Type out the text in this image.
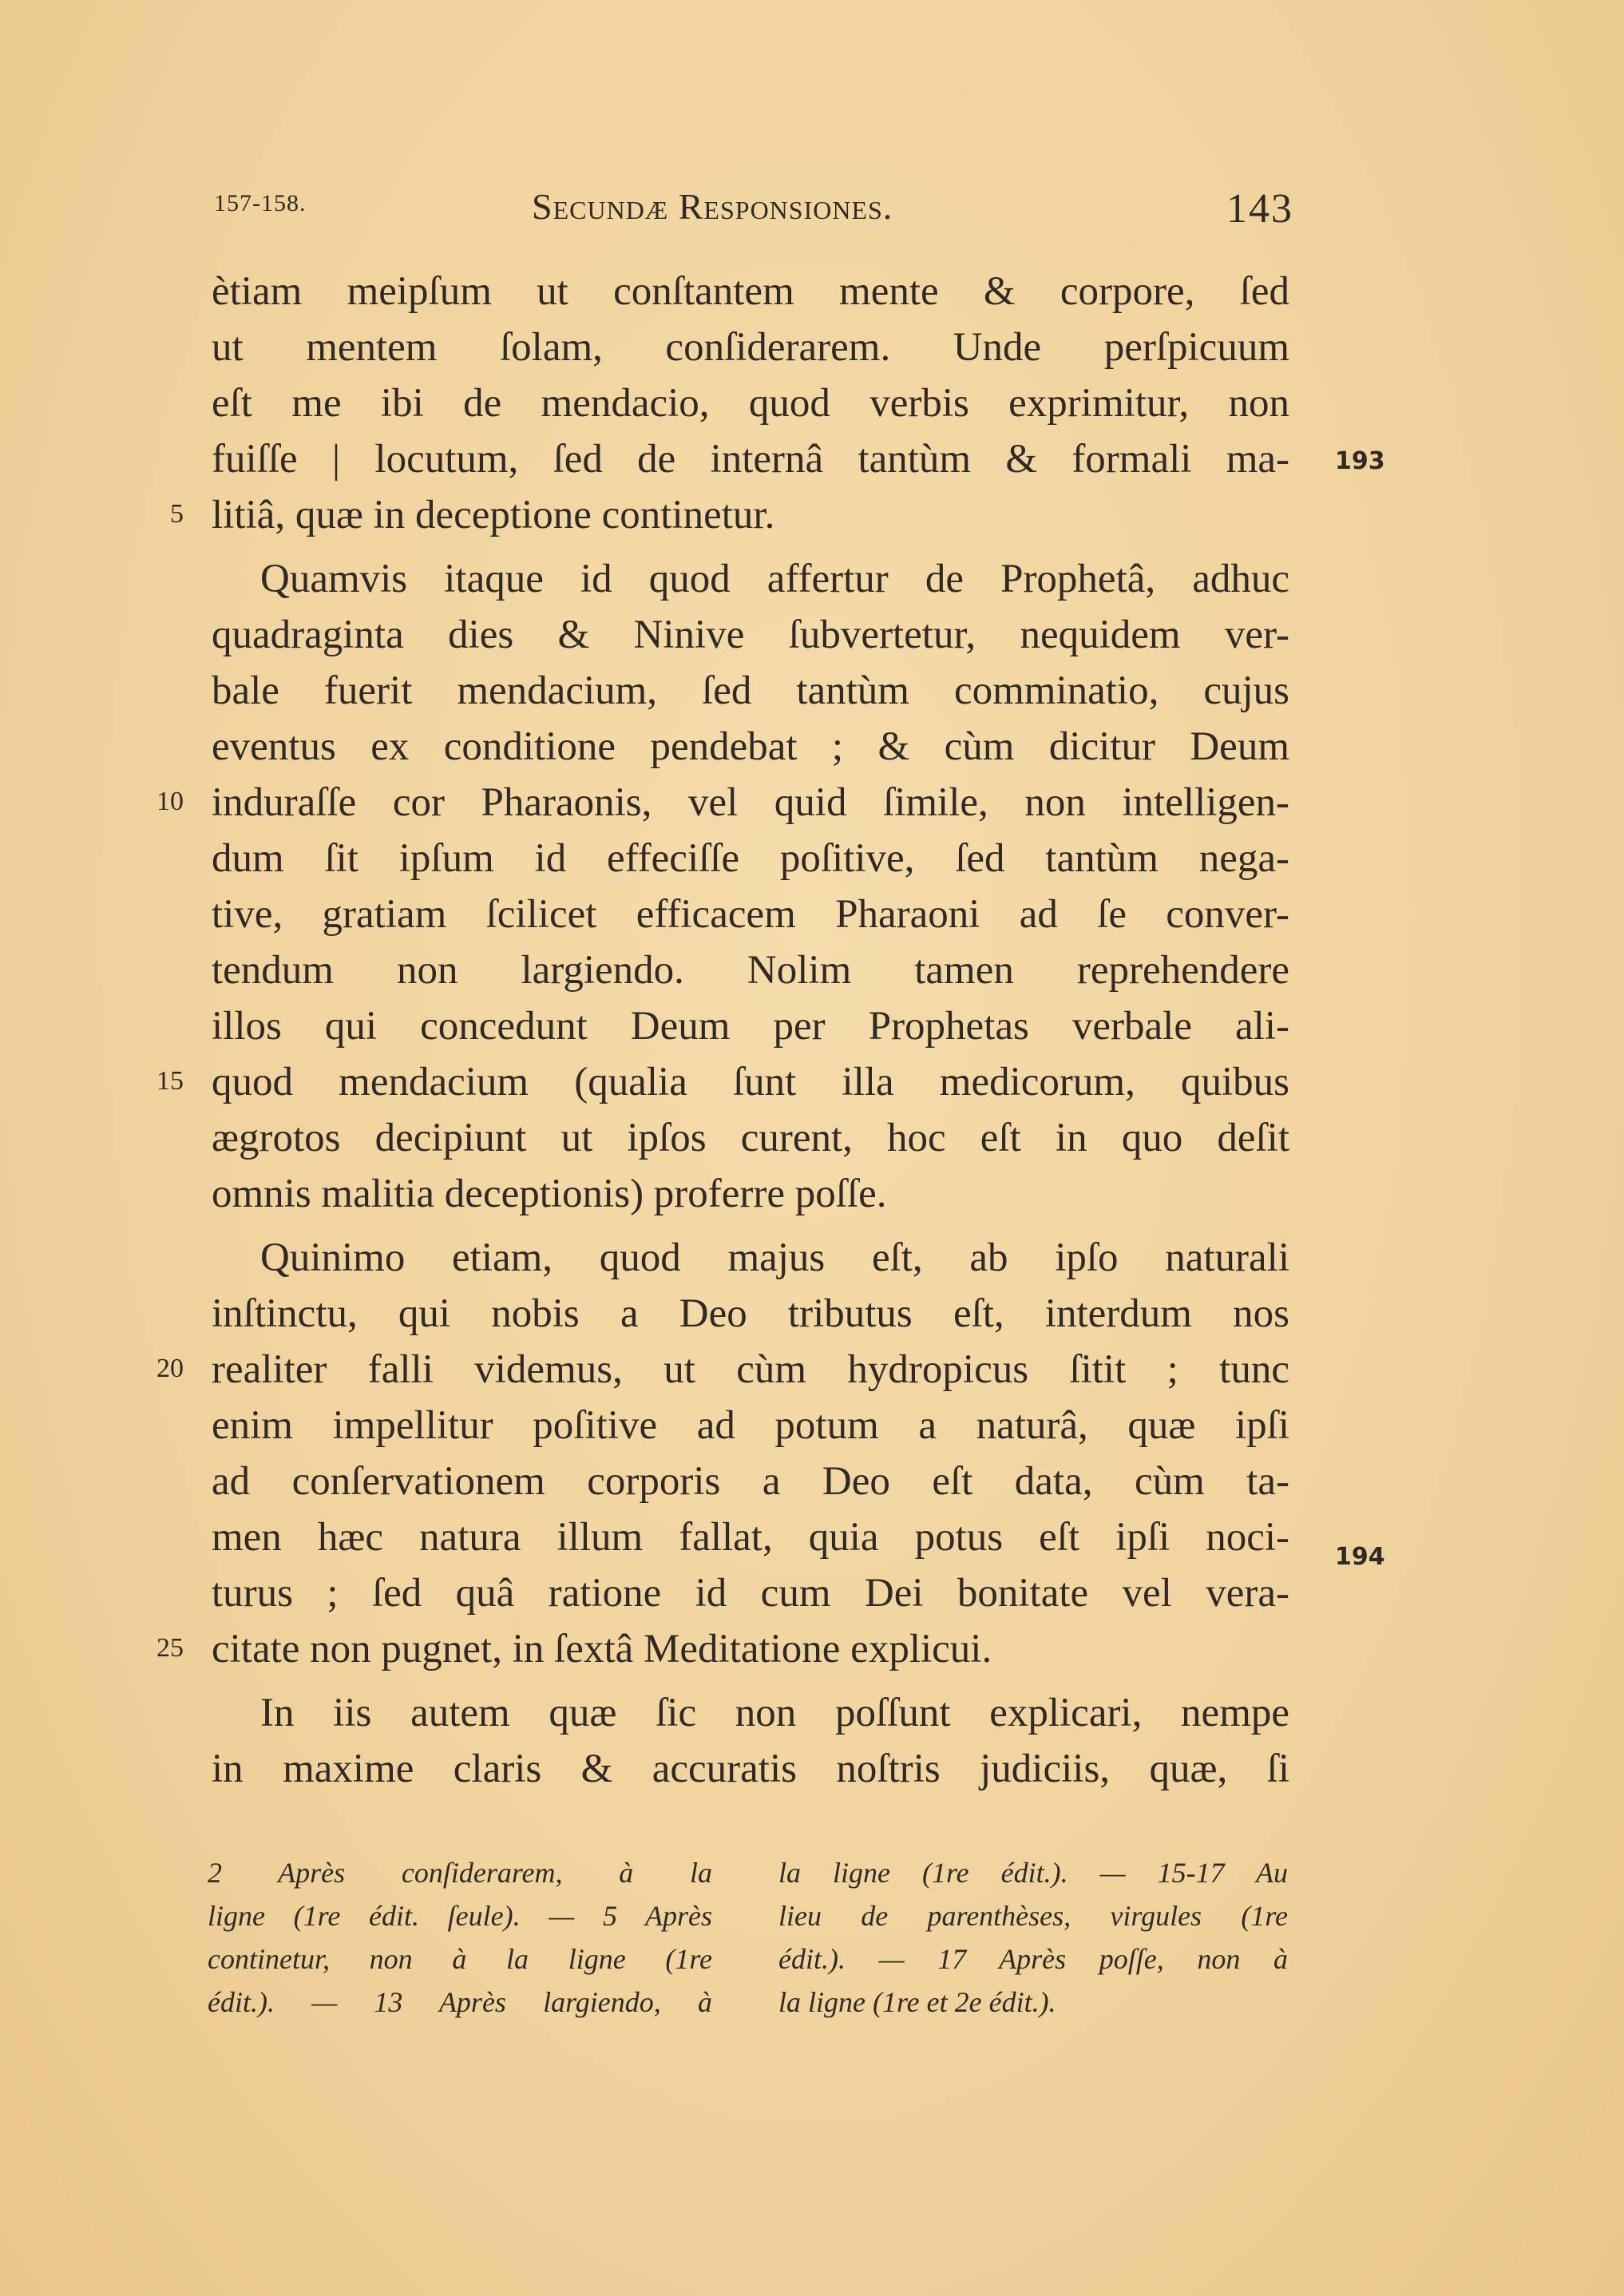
157-158.	Secundæ Responsiones.	143
ètiam meipſum ut conſtantem mente & corpore, ſed
ut mentem ſolam, conſiderarem. Unde perſpicuum
eſt me ibi de mendacio, quod verbis exprimitur, non
fuiſſe | locutum, ſed de internâ tantùm & formali ma-
litiâ, quæ in deceptione continetur.
Quamvis itaque id quod affertur de Prophetâ, adhuc
quadraginta dies & Ninive ſubvertetur, nequidem ver-
bale fuerit mendacium, ſed tantùm comminatio, cujus
eventus ex conditione pendebat ; & cùm dicitur Deum
induraſſe cor Pharaonis, vel quid ſimile, non intelligen-
dum ſit ipſum id effeciſſe poſitive, ſed tantùm nega-
tive, gratiam ſcilicet efficacem Pharaoni ad ſe conver-
tendum non largiendo. Nolim tamen reprehendere
illos qui concedunt Deum per Prophetas verbale ali-
quod mendacium (qualia ſunt illa medicorum, quibus
ægrotos decipiunt ut ipſos curent, hoc eſt in quo deſit
omnis malitia deceptionis) proferre poſſe.
Quinimo etiam, quod majus eſt, ab ipſo naturali
inſtinctu, qui nobis a Deo tributus eſt, interdum nos
realiter falli videmus, ut cùm hydropicus ſitit ; tunc
enim impellitur poſitive ad potum a naturâ, quæ ipſi
ad conſervationem corporis a Deo eſt data, cùm ta-
men hæc natura illum fallat, quia potus eſt ipſi noci-
turus ; ſed quâ ratione id cum Dei bonitate vel vera-
citate non pugnet, in ſextâ Meditatione explicui.
In iis autem quæ ſic non poſſunt explicari, nempe
in maxime claris & accuratis noſtris judiciis, quæ, ſi
5
10
15
20
25
193
194
2 Après conſiderarem, à la
ligne (1re édit. ſeule). — 5 Après
continetur, non à la ligne (1re
édit.). — 13 Après largiendo, à
la ligne (1re édit.). — 15-17 Au
lieu de parenthèses, virgules (1re
édit.). — 17 Après poſſe, non à
la ligne (1re et 2e édit.).
